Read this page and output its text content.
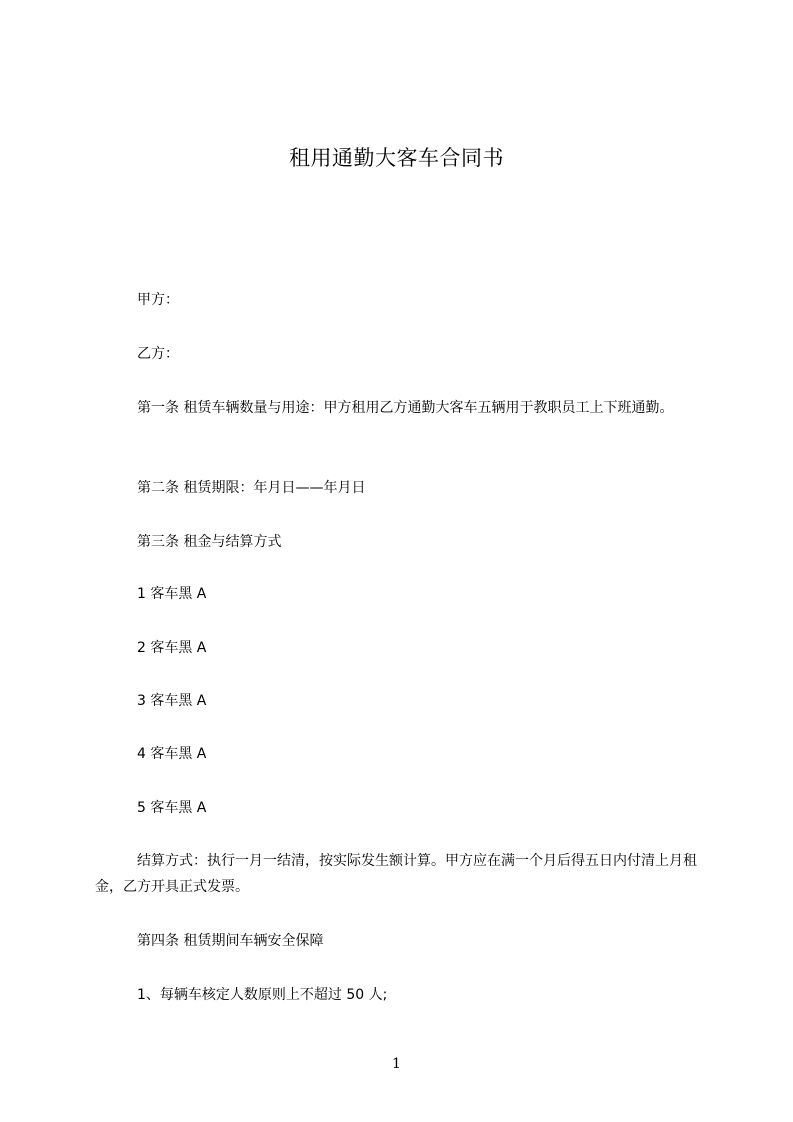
租用通勤大客车合同书

甲方：

乙方：

第一条 租赁车辆数量与用途：甲方租用乙方通勤大客车五辆用于教职员工上下班通勤。

第二条 租赁期限：年月日——年月日

第三条 租金与结算方式

1 客车黑 A

2 客车黑 A

3 客车黑 A

4 客车黑 A

5 客车黑 A

结算方式：执行一月一结清，按实际发生额计算。甲方应在满一个月后得五日内付清上月租金，乙方开具正式发票。

第四条 租赁期间车辆安全保障

1、每辆车核定人数原则上不超过 50 人;

1
